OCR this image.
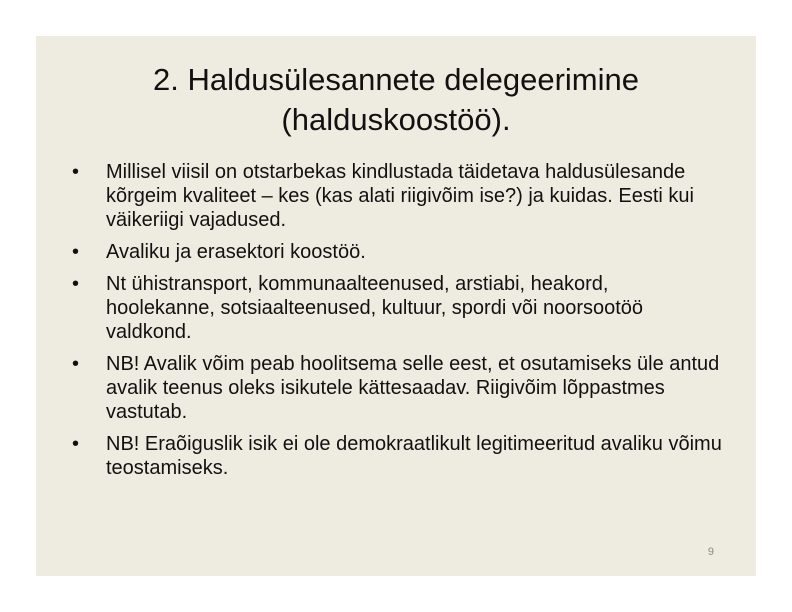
2. Haldusülesannete delegeerimine
(halduskoostöö).
•	Millisel viisil on otstarbekas kindlustada täidetava haldusülesande kõrgeim kvaliteet – kes (kas alati riigivõim ise?) ja kuidas. Eesti kui väikeriigi vajadused.
•	Avaliku ja erasektori koostöö.
•	Nt ühistransport, kommunaalteenused, arstiabi, heakord, hoolekanne, sotsiaalteenused, kultuur, spordi või noorsootöö valdkond.
•	NB! Avalik võim peab hoolitsema selle eest, et osutamiseks üle antud avalik teenus oleks isikutele kättesaadav. Riigivõim lõppastmes vastutab.
•	NB! Eraõiguslik isik ei ole demokraatlikult legitimeeritud avaliku võimu teostamiseks.
9
